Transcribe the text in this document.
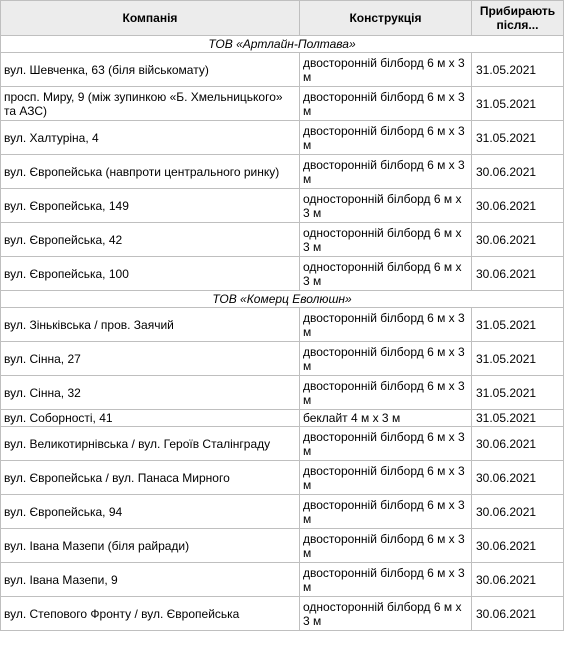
Компанія	Конструкція	Прибирають після...
ТОВ «Артлайн-Полтава»		
вул. Шевченка, 63 (біля військомату)	двосторонній білборд 6 м х 3 м	31.05.2021
просп. Миру, 9 (між зупинкою «Б. Хмельницького» та АЗС)	двосторонній білборд 6 м х 3 м	31.05.2021
вул. Халтуріна, 4	двосторонній білборд 6 м х 3 м	31.05.2021
вул. Європейська (навпроти центрального ринку)	двосторонній білборд 6 м х 3 м	30.06.2021
вул. Європейська, 149	односторонній білборд 6 м х 3 м	30.06.2021
вул. Європейська, 42	односторонній білборд 6 м х 3 м	30.06.2021
вул. Європейська, 100	односторонній білборд 6 м х 3 м	30.06.2021
ТОВ «Комерц Еволюшн»		
вул. Зіньківська / пров. Заячий	двосторонній білборд 6 м х 3 м	31.05.2021
вул. Сінна, 27	двосторонній білборд 6 м х 3 м	31.05.2021
вул. Сінна, 32	двосторонній білборд 6 м х 3 м	31.05.2021
вул. Соборності, 41	беклайт 4 м х 3 м	31.05.2021
вул. Великотирнівська / вул. Героїв Сталінграду	двосторонній білборд 6 м х 3 м	30.06.2021
вул. Європейська / вул. Панаса Мирного	двосторонній білборд 6 м х 3 м	30.06.2021
вул. Європейська, 94	двосторонній білборд 6 м х 3 м	30.06.2021
вул. Івана Мазепи (біля райради)	двосторонній білборд 6 м х 3 м	30.06.2021
вул. Івана Мазепи, 9	двосторонній білборд 6 м х 3 м	30.06.2021
вул. Степового Фронту / вул. Європейська	односторонній білборд 6 м х 3 м	30.06.2021
